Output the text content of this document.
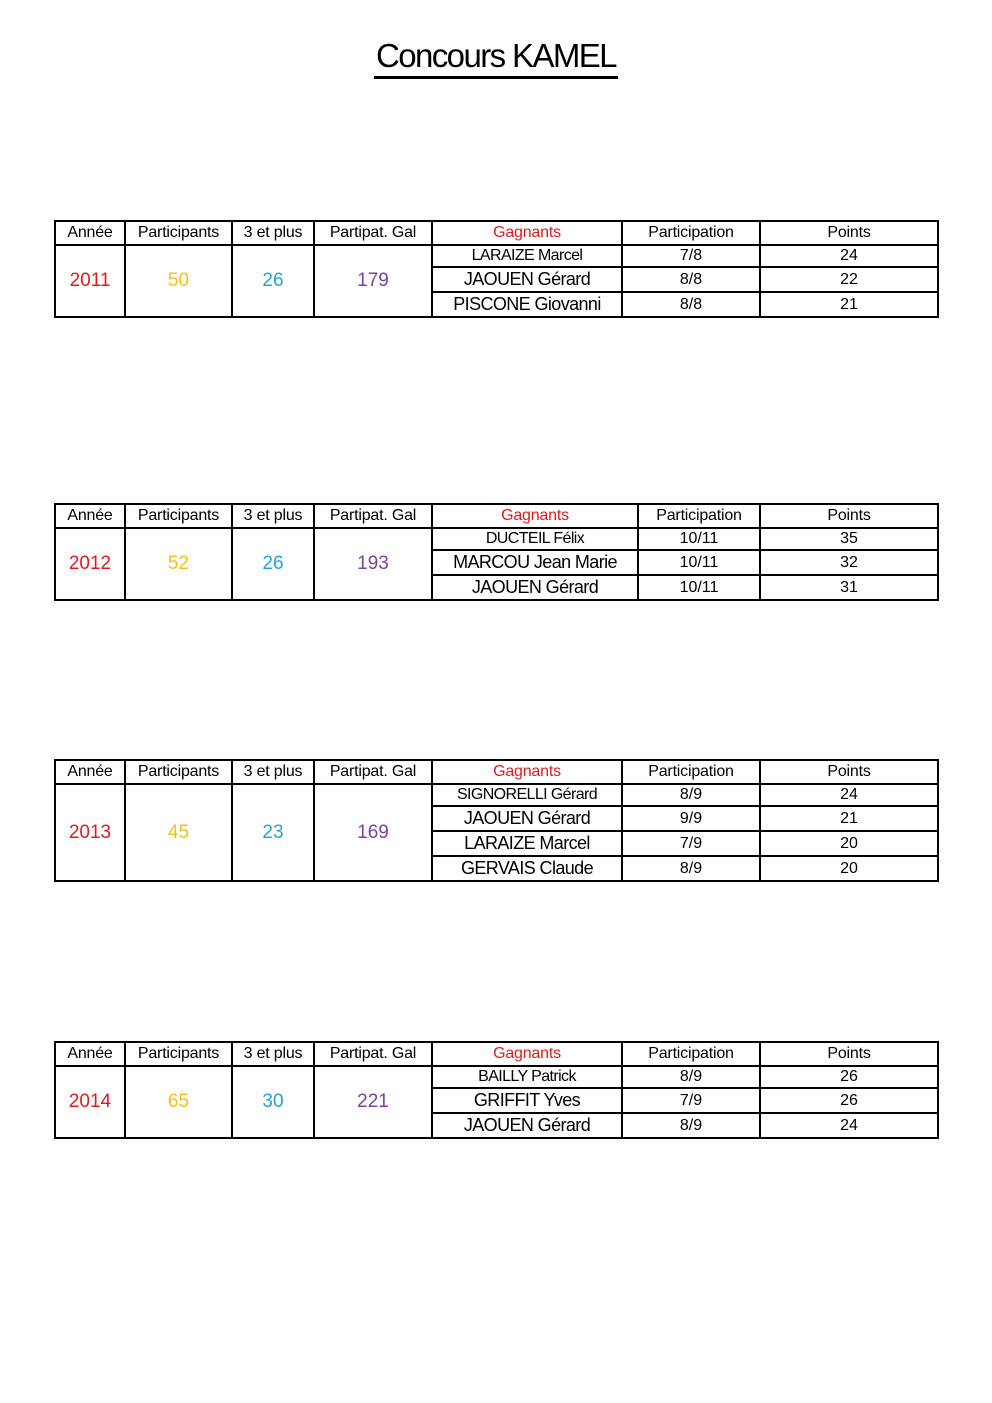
Concours KAMEL
Année	Participants	3 et plus	Partipat. Gal	Gagnants	Participation	Points
2011	50	26	179	LARAIZE Marcel	7/8	24
				JAOUEN Gérard	8/8	22
				PISCONE Giovanni	8/8	21
Année	Participants	3 et plus	Partipat. Gal	Gagnants	Participation	Points
2012	52	26	193	DUCTEIL Félix	10/11	35
				MARCOU Jean Marie	10/11	32
				JAOUEN Gérard	10/11	31
Année	Participants	3 et plus	Partipat. Gal	Gagnants	Participation	Points
2013	45	23	169	SIGNORELLI Gérard	8/9	24
				JAOUEN Gérard	9/9	21
				LARAIZE Marcel	7/9	20
				GERVAIS Claude	8/9	20
Année	Participants	3 et plus	Partipat. Gal	Gagnants	Participation	Points
2014	65	30	221	BAILLY Patrick	8/9	26
				GRIFFIT Yves	7/9	26
				JAOUEN Gérard	8/9	24
